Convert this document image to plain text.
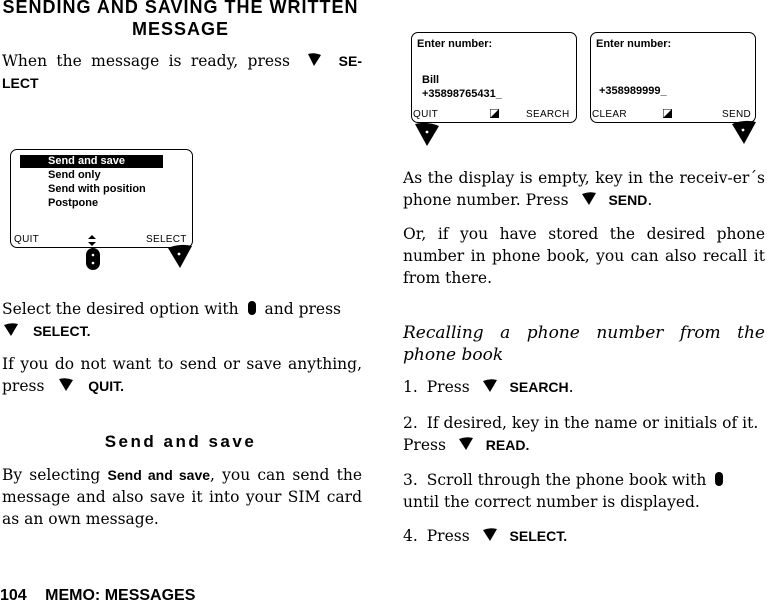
SENDING AND SAVING THE WRITTEN MESSAGE
When the message is ready, press	SE-LECT
Send and save
Send only
Send with position
Postpone
QUIT	SELECT
Select the desired option with and press
SELECT.
If you do not want to send or save anything, press	QUIT.
Send and save
By selecting Send and save, you can send the message and also save it into your SIM card as an own message.
104 MEMO: MESSAGES
Enter number:
Bill
+35898765431_
QUIT	SEARCH
Enter number:
+358989999_
CLEAR	SEND
As the display is empty, key in the receiv-er´s phone number. Press	SEND.
Or, if you have stored the desired phone number in phone book, you can also recall it from there.
Recalling a phone number from the phone book
1. Press	SEARCH.
2. If desired, key in the name or initials of it. Press	READ.
3. Scroll through the phone book with  until the correct number is displayed.
4. Press	SELECT.
